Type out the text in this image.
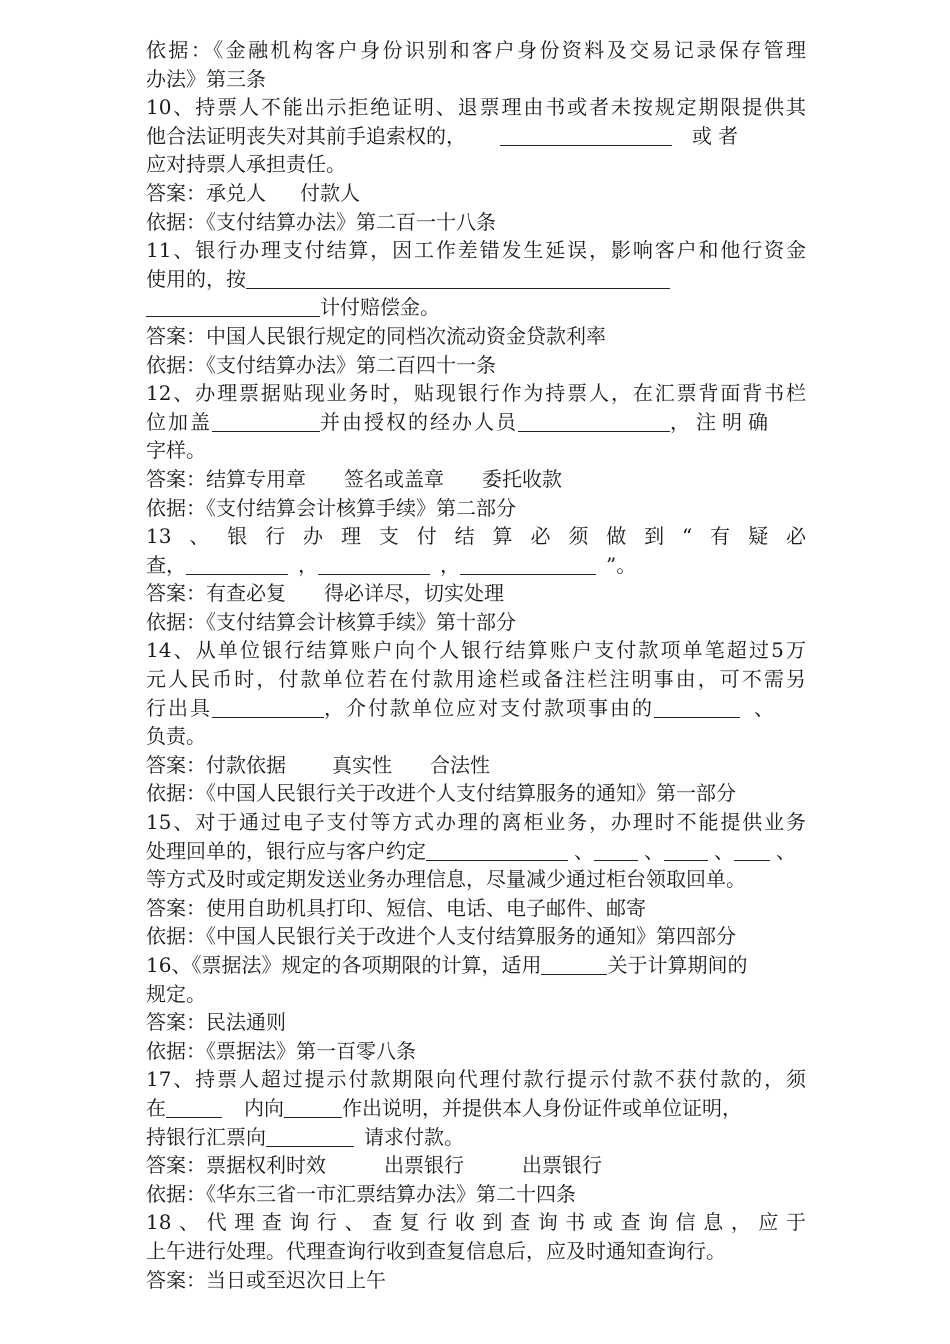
依据：《金融机构客户身份识别和客户身份资料及交易记录保存管理
办法》第三条
10、持票人不能出示拒绝证明、退票理由书或者未按规定期限提供其
他合法证明丧失对其前手追索权的，	或者
应对持票人承担责任。
答案：承兑人 付款人
依据：《支付结算办法》第二百一十八条
11、银行办理支付结算，因工作差错发生延误，影响客户和他行资金
使用的，按
计付赔偿金。
答案：中国人民银行规定的同档次流动资金贷款利率
依据：《支付结算办法》第二百四十一条
12、办理票据贴现业务时，贴现银行作为持票人，在汇票背面背书栏
位加盖	并由授权的经办人员	，注明确
字样。
答案：结算专用章 签名或盖章 委托收款
依据：《支付结算会计核算手续》第二部分
13、银行办理支付结算必须做到“有疑必
查，	，	，	”。
答案：有查必复 得必详尽，切实处理
依据：《支付结算会计核算手续》第十部分
14、从单位银行结算账户向个人银行结算账户支付款项单笔超过5万
元人民币时，付款单位若在付款用途栏或备注栏注明事由，可不需另
行出具	，介付款单位应对支付款项事由的	、
负责。
答案：付款依据 真实性 合法性
依据：《中国人民银行关于改进个人支付结算服务的通知》第一部分
15、对于通过电子支付等方式办理的离柜业务，办理时不能提供业务
处理回单的，银行应与客户约定	、	、	、 、
等方式及时或定期发送业务办理信息，尽量减少通过柜台领取回单。
答案：使用自助机具打印、短信、电话、电子邮件、邮寄
依据：《中国人民银行关于改进个人支付结算服务的通知》第四部分
16、《票据法》规定的各项期限的计算，适用	关于计算期间的
规定。
答案：民法通则
依据：《票据法》第一百零八条
17、持票人超过提示付款期限向代理付款行提示付款不获付款的，须
在	内向	作出说明，并提供本人身份证件或单位证明，
持银行汇票向	请求付款。
答案：票据权利时效	出票银行	出票银行
依据：《华东三省一市汇票结算办法》第二十四条
18、代理查询行、查复行收到查询书或查询信息，应于
上午进行处理。代理查询行收到查复信息后，应及时通知查询行。
答案：当日或至迟次日上午
